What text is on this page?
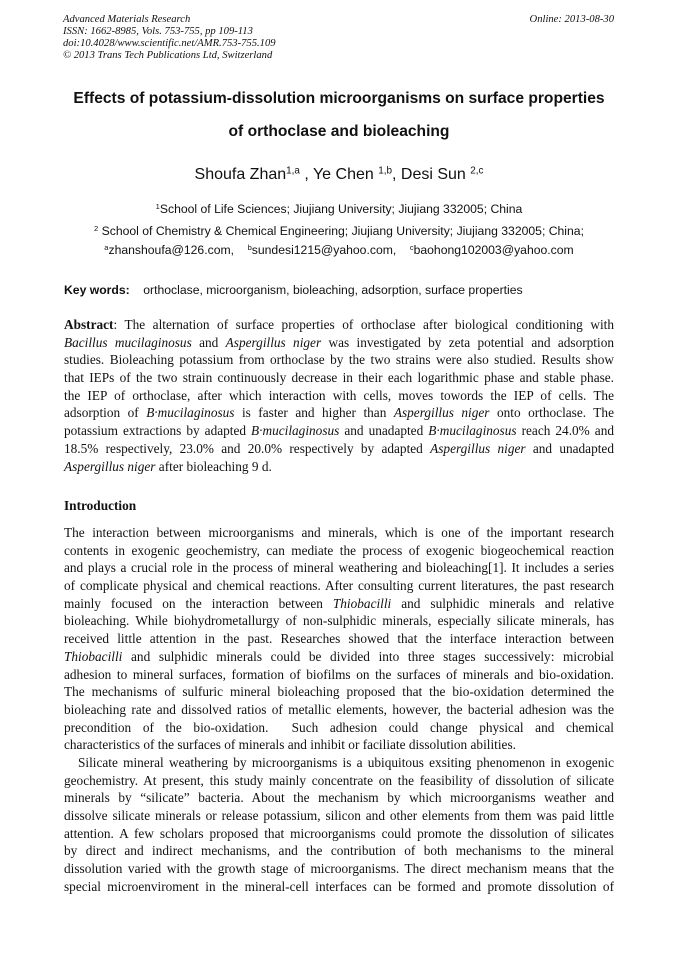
Advanced Materials Research
ISSN: 1662-8985, Vols. 753-755, pp 109-113
doi:10.4028/www.scientific.net/AMR.753-755.109
© 2013 Trans Tech Publications Ltd, Switzerland
Online: 2013-08-30
Effects of potassium-dissolution microorganisms on surface properties
of orthoclase and bioleaching
Shoufa Zhan$^{1,a}$ , Ye Chen $^{1,b}$, Desi Sun $^{2,c}$
$^1$School of Life Sciences; Jiujiang University; Jiujiang 332005; China
$^2$ School of Chemistry & Chemical Engineering; Jiujiang University; Jiujiang 332005; China;
$^a$zhanshoufa@126.com, $^b$sundesi1215@yahoo.com, $^c$baohong102003@yahoo.com
Key words: orthoclase, microorganism, bioleaching, adsorption, surface properties
Abstract: The alternation of surface properties of orthoclase after biological conditioning with
Bacillus mucilaginosus and Aspergillus niger was investigated by zeta potential and adsorption
studies. Bioleaching potassium from orthoclase by the two strains were also studied. Results show
that IEPs of the two strain continuously decrease in their each logarithmic phase and stable phase.
the IEP of orthoclase, after which interaction with cells, moves towords the IEP of cells. The
adsorption of B·mucilaginosus is faster and higher than Aspergillus niger onto orthoclase. The
potassium extractions by adapted B·mucilaginosus and unadapted B·mucilaginosus reach 24.0% and
18.5% respectively, 23.0% and 20.0% respectively by adapted Aspergillus niger and unadapted
Aspergillus niger after bioleaching 9 d.
Introduction
The interaction between microorganisms and minerals, which is one of the important research
contents in exogenic geochemistry, can mediate the process of exogenic biogeochemical reaction
and plays a crucial role in the process of mineral weathering and bioleaching[1]. It includes a series
of complicate physical and chemical reactions. After consulting current literatures, the past research
mainly focused on the interaction between Thiobacilli and sulphidic minerals and relative
bioleaching. While biohydrometallurgy of non-sulphidic minerals, especially silicate minerals, has
received little attention in the past. Researches showed that the interface interaction between
Thiobacilli and sulphidic minerals could be divided into three stages successively: microbial
adhesion to mineral surfaces, formation of biofilms on the surfaces of minerals and bio-oxidation.
The mechanisms of sulfuric mineral bioleaching proposed that the bio-oxidation determined the
bioleaching rate and dissolved ratios of metallic elements, however, the bacterial adhesion was the
precondition of the bio-oxidation.  Such adhesion could change physical and chemical
characteristics of the surfaces of minerals and inhibit or faciliate dissolution abilities.
Silicate mineral weathering by microorganisms is a ubiquitous exsiting phenomenon in exogenic
geochemistry. At present, this study mainly concentrate on the feasibility of dissolution of silicate
minerals by “silicate” bacteria. About the mechanism by which microorganisms weather and
dissolve silicate minerals or release potassium, silicon and other elements from them was paid little
attention. A few scholars proposed that microorganisms could promote the dissolution of silicates
by direct and indirect mechanisms, and the contribution of both mechanisms to the mineral
dissolution varied with the growth stage of microorganisms. The direct mechanism means that the
special microenviroment in the mineral-cell interfaces can be formed and promote dissolution of
